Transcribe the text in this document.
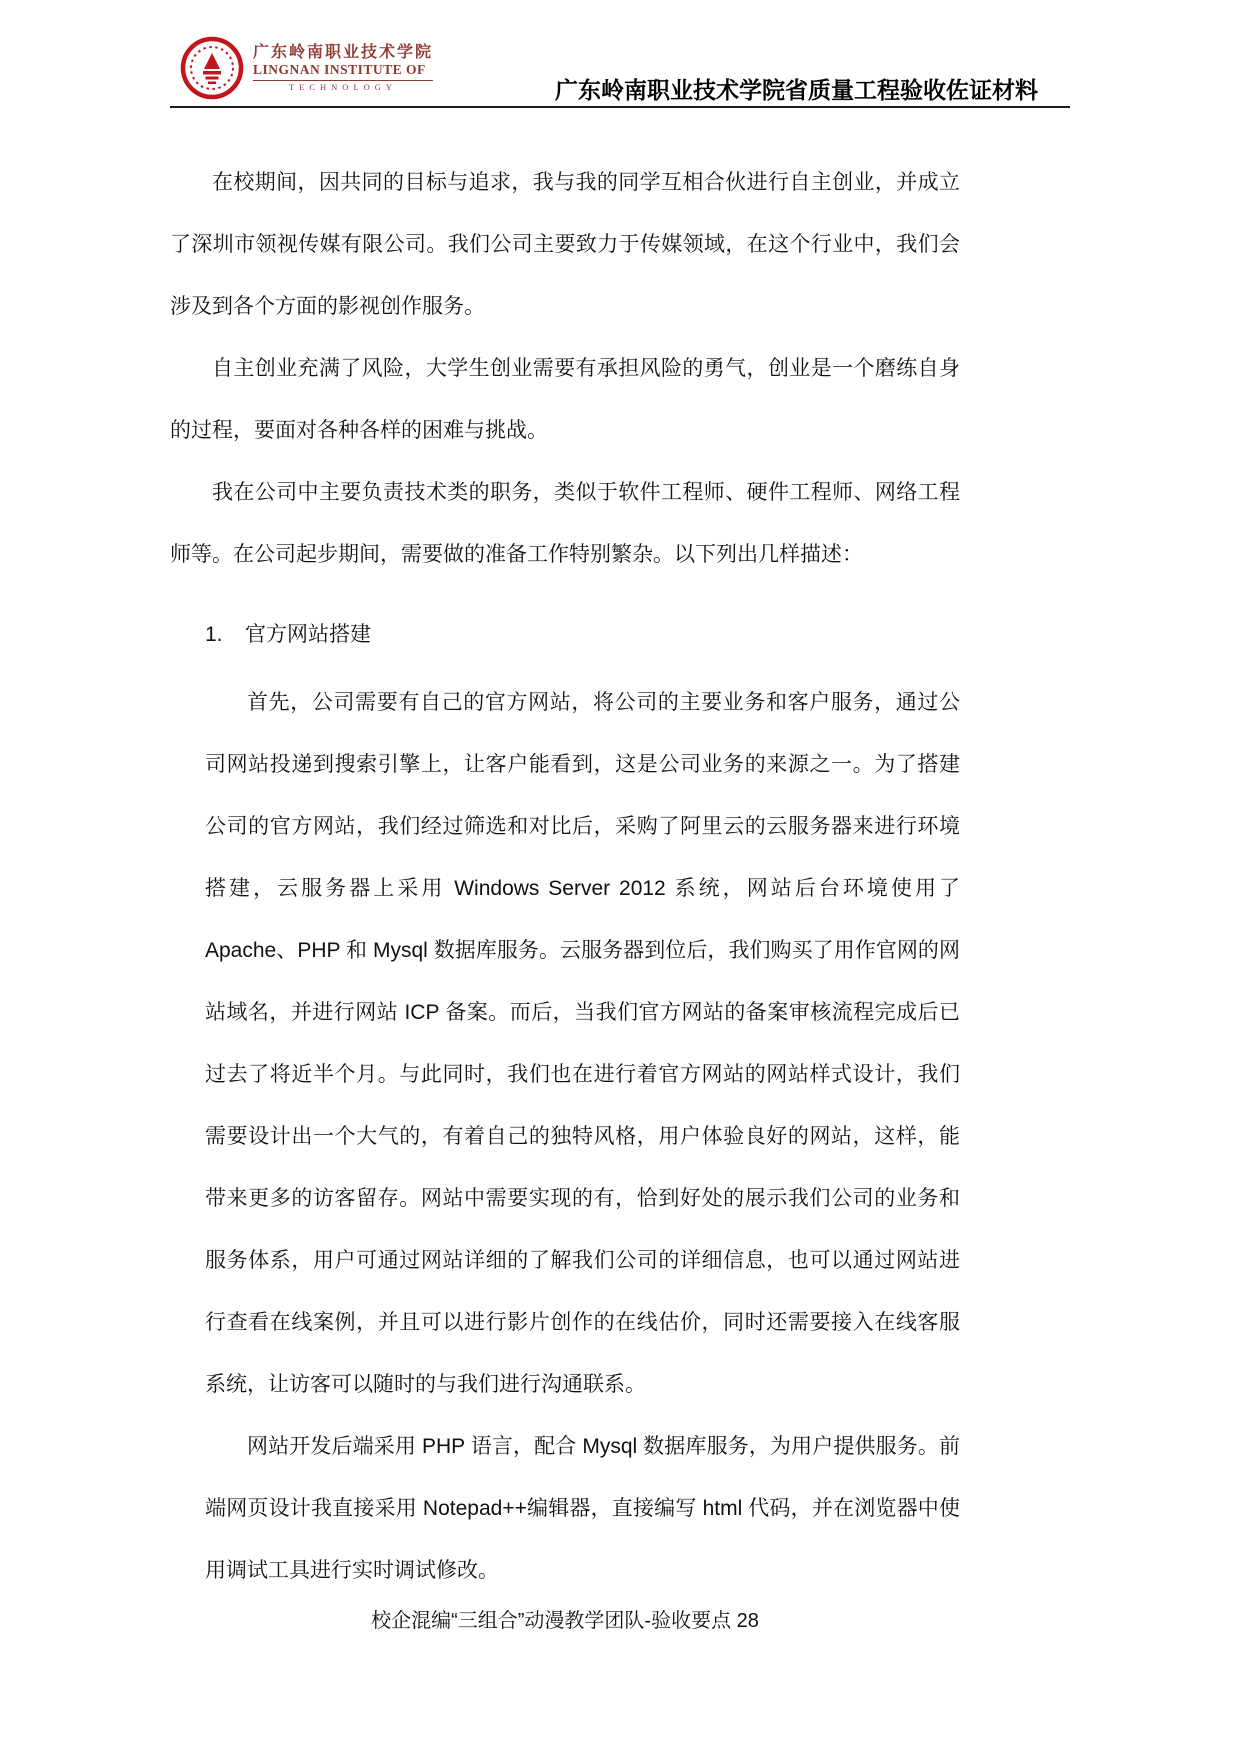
广东岭南职业技术学院
LINGNAN INSTITUTE OF
TECHNOLOGY	广东岭南职业技术学院省质量工程验收佐证材料

在校期间，因共同的目标与追求，我与我的同学互相合伙进行自主创业，并成立了深圳市领视传媒有限公司。我们公司主要致力于传媒领域，在这个行业中，我们会涉及到各个方面的影视创作服务。

自主创业充满了风险，大学生创业需要有承担风险的勇气，创业是一个磨练自身的过程，要面对各种各样的困难与挑战。

我在公司中主要负责技术类的职务，类似于软件工程师、硬件工程师、网络工程师等。在公司起步期间，需要做的准备工作特别繁杂。以下列出几样描述：

1. 官方网站搭建

首先，公司需要有自己的官方网站，将公司的主要业务和客户服务，通过公司网站投递到搜索引擎上，让客户能看到，这是公司业务的来源之一。为了搭建公司的官方网站，我们经过筛选和对比后，采购了阿里云的云服务器来进行环境搭建，云服务器上采用 Windows Server 2012 系统，网站后台环境使用了 Apache、PHP 和 Mysql 数据库服务。云服务器到位后，我们购买了用作官网的网站域名，并进行网站 ICP 备案。而后，当我们官方网站的备案审核流程完成后已过去了将近半个月。与此同时，我们也在进行着官方网站的网站样式设计，我们需要设计出一个大气的，有着自己的独特风格，用户体验良好的网站，这样，能带来更多的访客留存。网站中需要实现的有，恰到好处的展示我们公司的业务和服务体系，用户可通过网站详细的了解我们公司的详细信息，也可以通过网站进行查看在线案例，并且可以进行影片创作的在线估价，同时还需要接入在线客服系统，让访客可以随时的与我们进行沟通联系。

网站开发后端采用 PHP 语言，配合 Mysql 数据库服务，为用户提供服务。前端网页设计我直接采用 Notepad++编辑器，直接编写 html 代码，并在浏览器中使用调试工具进行实时调试修改。

校企混编“三组合”动漫教学团队-验收要点 28
